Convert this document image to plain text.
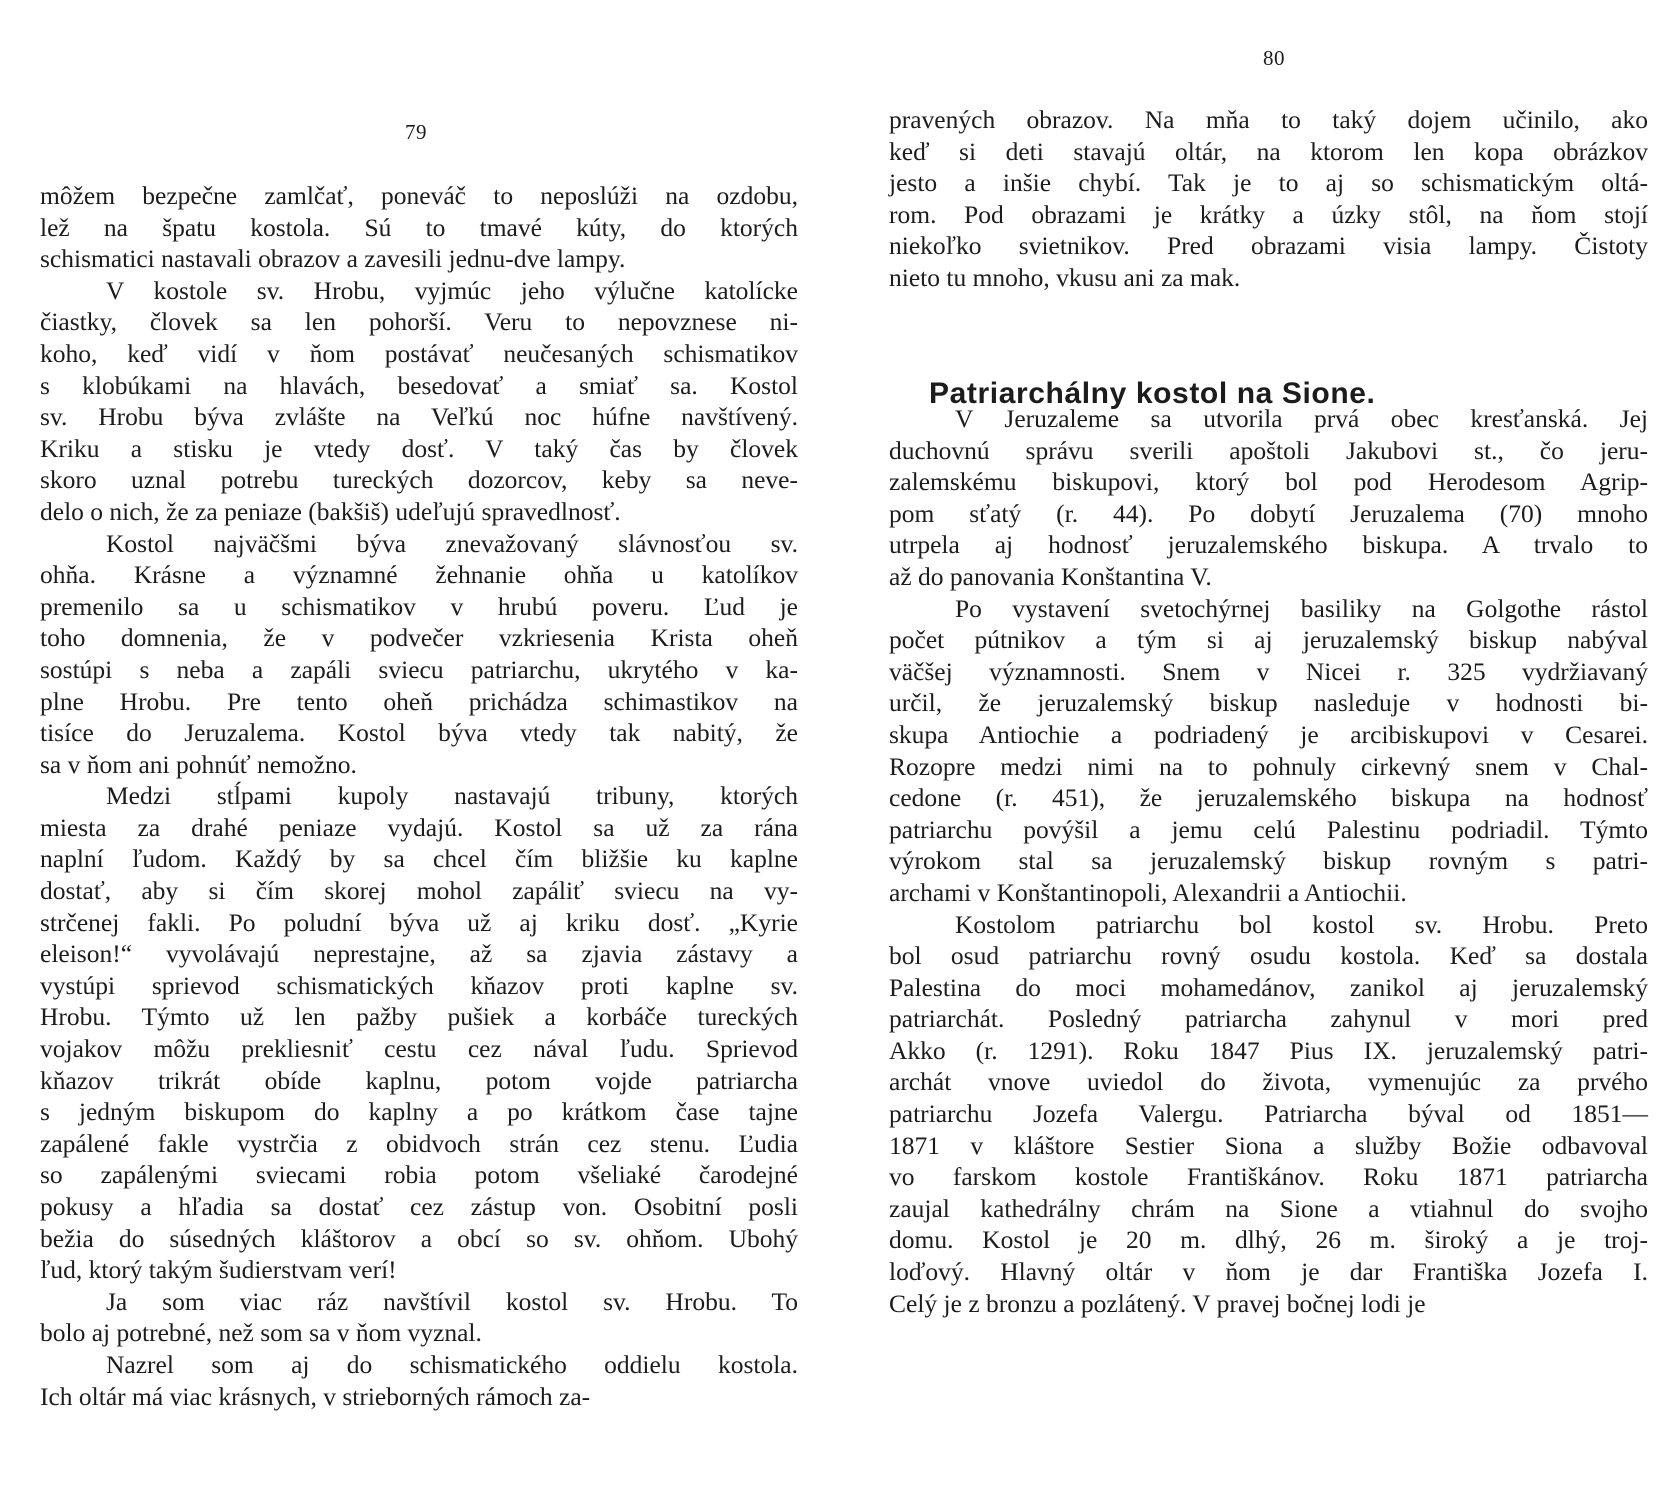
79

môžem bezpečne zamlčať, poneváč to neposlúži na ozdobu,
lež na špatu kostola. Sú to tmavé kúty, do ktorých
schismatici nastavali obrazov a zavesili jednu-dve lampy.

V kostole sv. Hrobu, vyjmúc jeho výlučne katolícke
čiastky, človek sa len pohorší. Veru to nepovznese ni-
koho, keď vidí v ňom postávať neučesaných schismatikov
s klobúkami na hlavách, besedovať a smiať sa. Kostol
sv. Hrobu býva zvlášte na Veľkú noc húfne navštívený.
Kriku a stisku je vtedy dosť. V taký čas by človek
skoro uznal potrebu tureckých dozorcov, keby sa neve-
delo o nich, že za peniaze (bakšiš) udeľujú spravedlnosť.

Kostol najväčšmi býva znevažovaný slávnosťou sv.
ohňa. Krásne a významné žehnanie ohňa u katolíkov
premenilo sa u schismatikov v hrubú poveru. Ľud je
toho domnenia, že v podvečer vzkriesenia Krista oheň
sostúpi s neba a zapáli sviecu patriarchu, ukrytého v ka-
plne Hrobu. Pre tento oheň prichádza schimastikov na
tisíce do Jeruzalema. Kostol býva vtedy tak nabitý, že
sa v ňom ani pohnúť nemožno.

Medzi stĺpami kupoly nastavajú tribuny, ktorých
miesta za drahé peniaze vydajú. Kostol sa už za rána
naplní ľudom. Každý by sa chcel čím bližšie ku kaplne
dostať, aby si čím skorej mohol zapáliť sviecu na vy-
strčenej fakli. Po poludní býva už aj kriku dosť. „Kyrie
eleison!“ vyvolávajú neprestajne, až sa zjavia zástavy a
vystúpi sprievod schismatických kňazov proti kaplne sv.
Hrobu. Týmto už len pažby pušiek a korbáče tureckých
vojakov môžu prekliesniť cestu cez nával ľudu. Sprievod
kňazov trikrát obíde kaplnu, potom vojde patriarcha
s jedným biskupom do kaplny a po krátkom čase tajne
zapálené fakle vystrčia z obidvoch strán cez stenu. Ľudia
so zapálenými sviecami robia potom všeliaké čarodejné
pokusy a hľadia sa dostať cez zástup von. Osobitní posli
bežia do súsedných kláštorov a obcí so sv. ohňom. Ubohý
ľud, ktorý takým šudierstvam verí!

Ja som viac ráz navštívil kostol sv. Hrobu. To
bolo aj potrebné, než som sa v ňom vyznal.

Nazrel som aj do schismatického oddielu kostola.
Ich oltár má viac krásnych, v strieborných rámoch za-

80

pravených obrazov. Na mňa to taký dojem učinilo, ako
keď si deti stavajú oltár, na ktorom len kopa obrázkov
jesto a inšie chybí. Tak je to aj so schismatickým oltá-
rom. Pod obrazami je krátky a úzky stôl, na ňom stojí
niekoľko svietnikov. Pred obrazami visia lampy. Čistoty
nieto tu mnoho, vkusu ani za mak.

Patriarchálny kostol na Sione.

V Jeruzaleme sa utvorila prvá obec kresťanská. Jej
duchovnú správu sverili apoštoli Jakubovi st., čo jeru-
zalemskému biskupovi, ktorý bol pod Herodesom Agrip-
pom sťatý (r. 44). Po dobytí Jeruzalema (70) mnoho
utrpela aj hodnosť jeruzalemského biskupa. A trvalo to
až do panovania Konštantina V.

Po vystavení svetochýrnej basiliky na Golgothe rástol
počet pútnikov a tým si aj jeruzalemský biskup nabýval
väčšej významnosti. Snem v Nicei r. 325 vydržiavaný
určil, že jeruzalemský biskup nasleduje v hodnosti bi-
skupa Antiochie a podriadený je arcibiskupovi v Cesarei.
Rozopre medzi nimi na to pohnuly cirkevný snem v Chal-
cedone (r. 451), že jeruzalemského biskupa na hodnosť
patriarchu povýšil a jemu celú Palestinu podriadil. Týmto
výrokom stal sa jeruzalemský biskup rovným s patri-
archami v Konštantinopoli, Alexandrii a Antiochii.

Kostolom patriarchu bol kostol sv. Hrobu. Preto
bol osud patriarchu rovný osudu kostola. Keď sa dostala
Palestina do moci mohamedánov, zanikol aj jeruzalemský
patriarchát. Posledný patriarcha zahynul v mori pred
Akko (r. 1291). Roku 1847 Pius IX. jeruzalemský patri-
archát vnove uviedol do života, vymenujúc za prvého
patriarchu Jozefa Valergu. Patriarcha býval od 1851—
1871 v kláštore Sestier Siona a služby Božie odbavoval
vo farskom kostole Františkánov. Roku 1871 patriarcha
zaujal kathedrálny chrám na Sione a vtiahnul do svojho
domu. Kostol je 20 m. dlhý, 26 m. široký a je troj-
loďový. Hlavný oltár v ňom je dar Františka Jozefa I.
Celý je z bronzu a pozlátený. V pravej bočnej lodi je
